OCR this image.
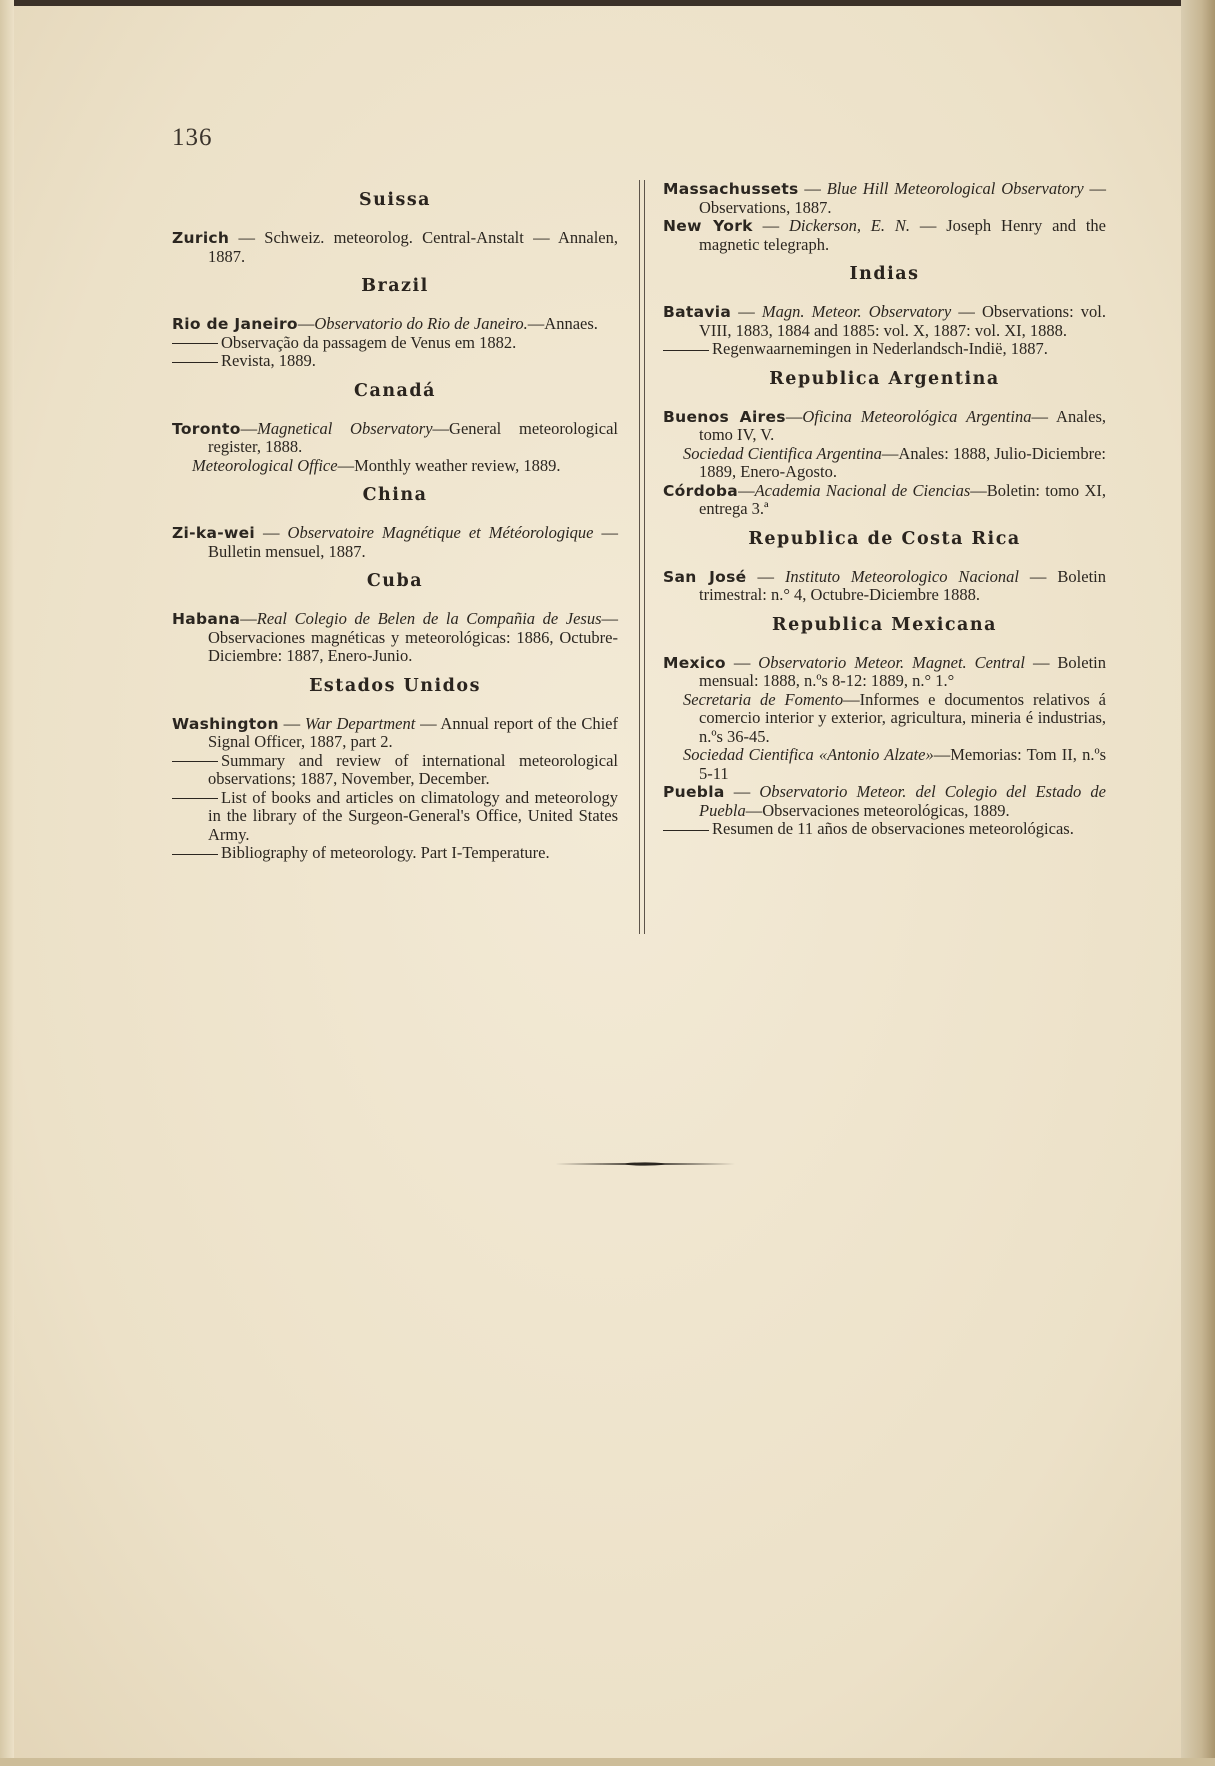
136
Suissa

Zurich — Schweiz. meteorolog. Central-Anstalt — Annalen, 1887.

Brazil

Rio de Janeiro—Observatorio do Rio de Janeiro.—Annaes.

Observação da passagem de Venus em 1882.

Revista, 1889.

Canadá

Toronto—Magnetical Observatory—General meteorological register, 1888.

Meteorological Office—Monthly weather review, 1889.

China

Zi-ka-wei — Observatoire Magnétique et Météorologique — Bulletin mensuel, 1887.

Cuba

Habana—Real Colegio de Belen de la Compañia de Jesus—Observaciones magnéticas y meteorológicas: 1886, Octubre-Diciembre: 1887, Enero-Junio.

Estados Unidos

Washington — War Department — Annual report of the Chief Signal Officer, 1887, part 2.

Summary and review of international meteorological observations; 1887, November, December.

List of books and articles on climatology and meteorology in the library of the Surgeon-General's Office, United States Army.

Bibliography of meteorology. Part I-Temperature.

Massachussets — Blue Hill Meteorological Observatory — Observations, 1887.

New York — Dickerson, E. N. — Joseph Henry and the magnetic telegraph.

Indias

Batavia — Magn. Meteor. Observatory — Observations: vol. VIII, 1883, 1884 and 1885: vol. X, 1887: vol. XI, 1888.

Regenwaarnemingen in Nederlandsch-Indië, 1887.

Republica Argentina

Buenos Aires—Oficina Meteorológica Argentina— Anales, tomo IV, V.

Sociedad Cientifica Argentina—Anales: 1888, Julio-Diciembre: 1889, Enero-Agosto.

Córdoba—Academia Nacional de Ciencias—Boletin: tomo XI, entrega 3.ª

Republica de Costa Rica

San José — Instituto Meteorologico Nacional — Boletin trimestral: n.° 4, Octubre-Diciembre 1888.

Republica Mexicana

Mexico — Observatorio Meteor. Magnet. Central — Boletin mensual: 1888, n.ºs 8-12: 1889, n.° 1.°

Secretaria de Fomento—Informes e documentos relativos á comercio interior y exterior, agricultura, mineria é industrias, n.ºs 36-45.

Sociedad Cientifica «Antonio Alzate»—Memorias: Tom II, n.ºs 5-11

Puebla — Observatorio Meteor. del Colegio del Estado de Puebla—Observaciones meteorológicas, 1889.

Resumen de 11 años de observaciones meteorológicas.
